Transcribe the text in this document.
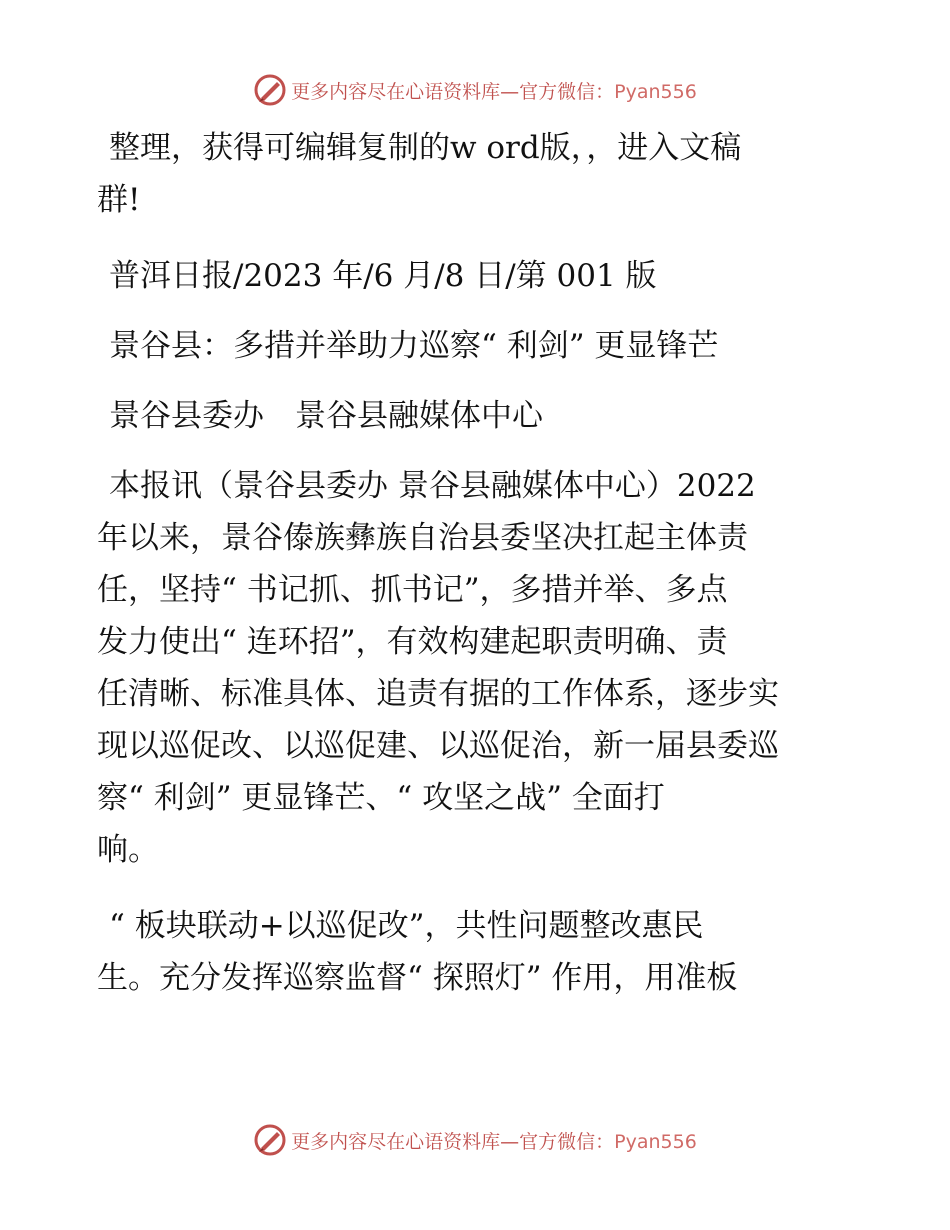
更多内容尽在心语资料库—官方微信：Pyan556
整理，获得可编辑复制的w ord版，，进入文稿
群!
普洱日报/2023 年/6 月/8 日/第 001 版
景谷县：多措并举助力巡察“ 利剑” 更显锋芒
景谷县委办　景谷县融媒体中心
本报讯（景谷县委办 景谷县融媒体中心）2022
年以来，景谷傣族彝族自治县委坚决扛起主体责
任，坚持“ 书记抓、抓书记”，多措并举、多点
发力使出“ 连环招”，有效构建起职责明确、责
任清晰、标准具体、追责有据的工作体系，逐步实
现以巡促改、以巡促建、以巡促治，新一届县委巡
察“ 利剑” 更显锋芒、“ 攻坚之战” 全面打
响。
“ 板块联动+以巡促改”，共性问题整改惠民
生。充分发挥巡察监督“ 探照灯” 作用，用准板
更多内容尽在心语资料库—官方微信：Pyan556
